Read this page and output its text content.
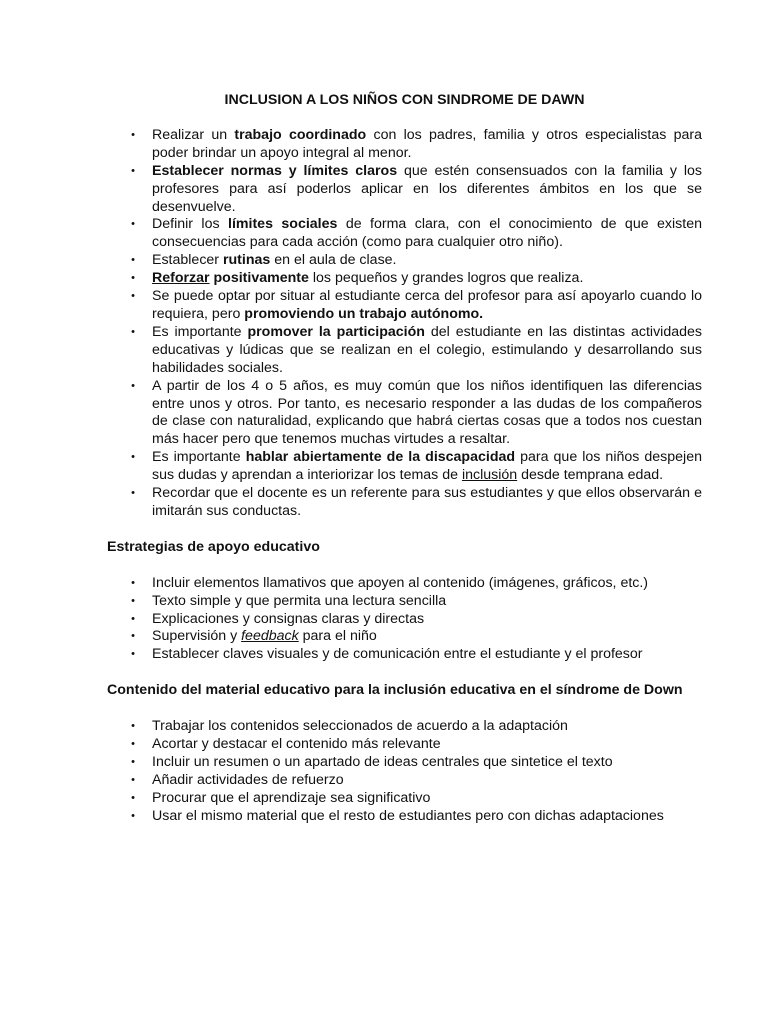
INCLUSION A LOS NIÑOS CON SINDROME DE DAWN
• Realizar un trabajo coordinado con los padres, familia y otros especialistas para poder brindar un apoyo integral al menor.
• Establecer normas y límites claros que estén consensuados con la familia y los profesores para así poderlos aplicar en los diferentes ámbitos en los que se desenvuelve.
• Definir los límites sociales de forma clara, con el conocimiento de que existen consecuencias para cada acción (como para cualquier otro niño).
• Establecer rutinas en el aula de clase.
• Reforzar positivamente los pequeños y grandes logros que realiza.
• Se puede optar por situar al estudiante cerca del profesor para así apoyarlo cuando lo requiera, pero promoviendo un trabajo autónomo.
• Es importante promover la participación del estudiante en las distintas actividades educativas y lúdicas que se realizan en el colegio, estimulando y desarrollando sus habilidades sociales.
• A partir de los 4 o 5 años, es muy común que los niños identifiquen las diferencias entre unos y otros. Por tanto, es necesario responder a las dudas de los compañeros de clase con naturalidad, explicando que habrá ciertas cosas que a todos nos cuestan más hacer pero que tenemos muchas virtudes a resaltar.
• Es importante hablar abiertamente de la discapacidad para que los niños despejen sus dudas y aprendan a interiorizar los temas de inclusión desde temprana edad.
• Recordar que el docente es un referente para sus estudiantes y que ellos observarán e imitarán sus conductas.

Estrategias de apoyo educativo

• Incluir elementos llamativos que apoyen al contenido (imágenes, gráficos, etc.)
• Texto simple y que permita una lectura sencilla
• Explicaciones y consignas claras y directas
• Supervisión y feedback para el niño
• Establecer claves visuales y de comunicación entre el estudiante y el profesor

Contenido del material educativo para la inclusión educativa en el síndrome de Down

• Trabajar los contenidos seleccionados de acuerdo a la adaptación
• Acortar y destacar el contenido más relevante
• Incluir un resumen o un apartado de ideas centrales que sintetice el texto
• Añadir actividades de refuerzo
• Procurar que el aprendizaje sea significativo
• Usar el mismo material que el resto de estudiantes pero con dichas adaptaciones
